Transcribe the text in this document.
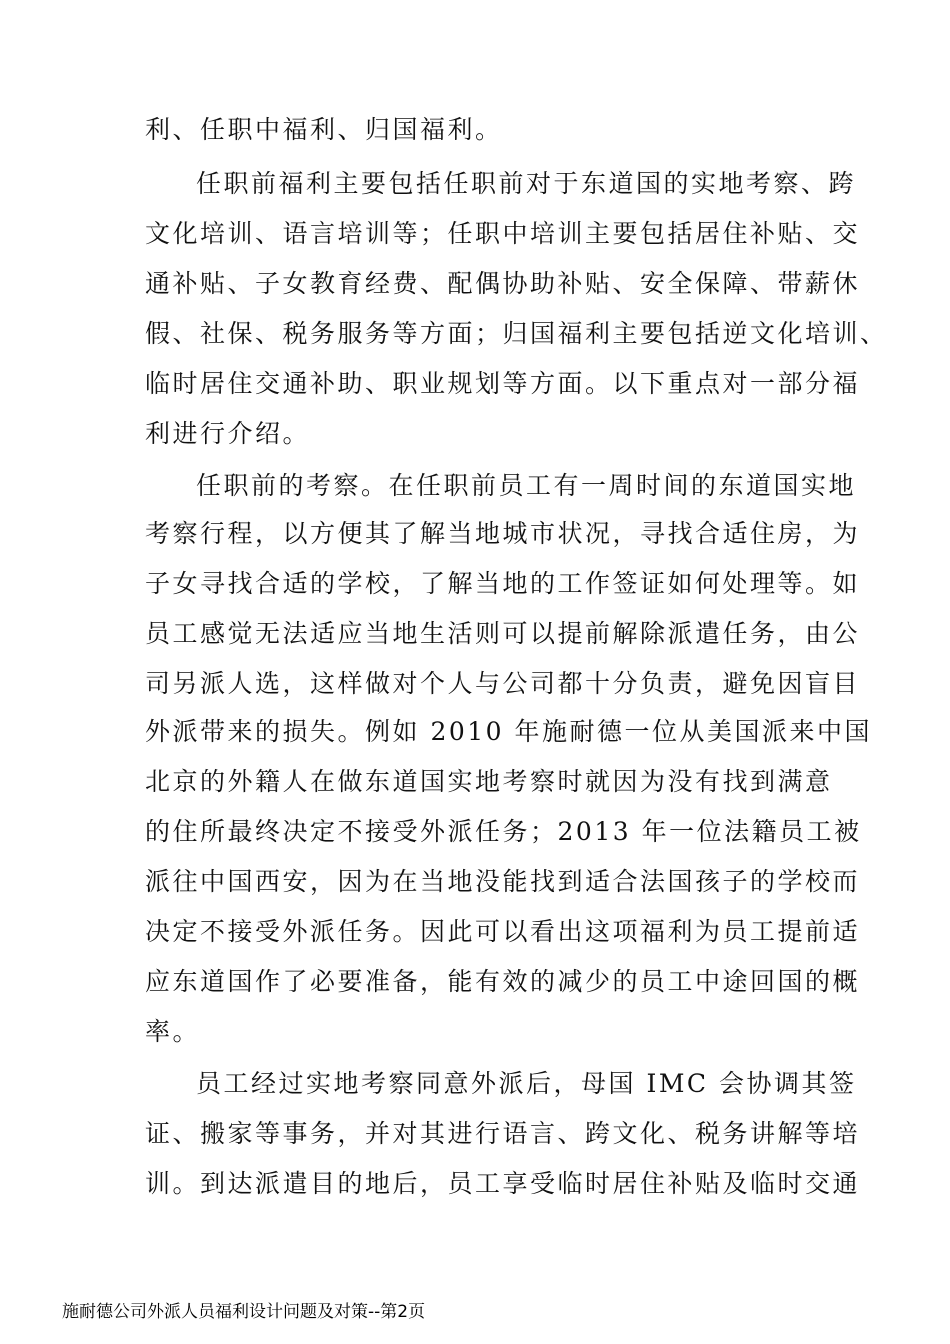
利、任职中福利、归国福利。
任职前福利主要包括任职前对于东道国的实地考察、跨
文化培训、语言培训等；任职中培训主要包括居住补贴、交
通补贴、子女教育经费、配偶协助补贴、安全保障、带薪休
假、社保、税务服务等方面；归国福利主要包括逆文化培训、
临时居住交通补助、职业规划等方面。以下重点对一部分福
利进行介绍。
任职前的考察。在任职前员工有一周时间的东道国实地
考察行程，以方便其了解当地城市状况，寻找合适住房，为
子女寻找合适的学校，了解当地的工作签证如何处理等。如
员工感觉无法适应当地生活则可以提前解除派遣任务，由公
司另派人选，这样做对个人与公司都十分负责，避免因盲目
外派带来的损失。例如 2010 年施耐德一位从美国派来中国
北京的外籍人在做东道国实地考察时就因为没有找到满意
的住所最终决定不接受外派任务；2013 年一位法籍员工被
派往中国西安，因为在当地没能找到适合法国孩子的学校而
决定不接受外派任务。因此可以看出这项福利为员工提前适
应东道国作了必要准备，能有效的减少的员工中途回国的概
率。
员工经过实地考察同意外派后，母国 IMC 会协调其签
证、搬家等事务，并对其进行语言、跨文化、税务讲解等培
训。到达派遣目的地后，员工享受临时居住补贴及临时交通
施耐德公司外派人员福利设计问题及对策--第2页
